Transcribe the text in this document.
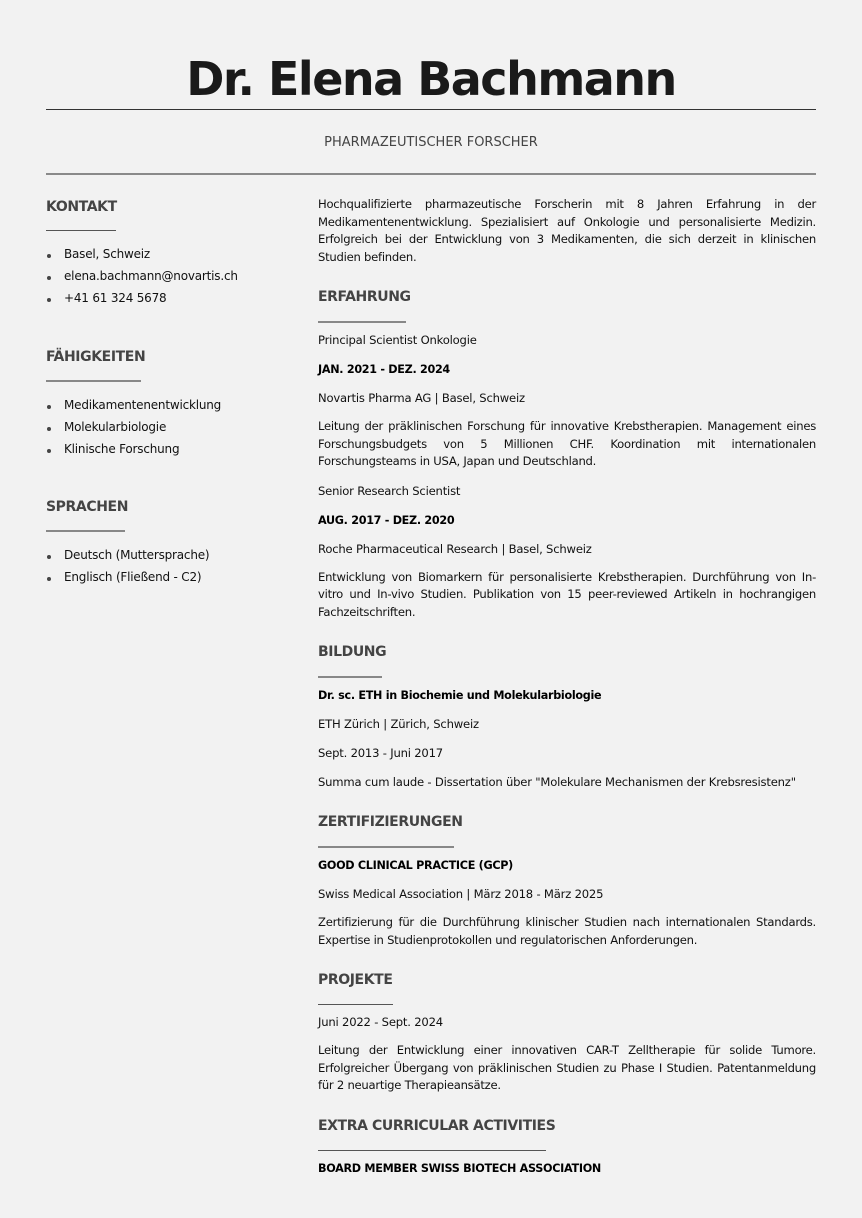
Dr. Elena Bachmann
PHARMAZEUTISCHER FORSCHER
KONTAKT
Basel, Schweiz
elena.bachmann@novartis.ch
+41 61 324 5678
FÄHIGKEITEN
Medikamentenentwicklung
Molekularbiologie
Klinische Forschung
SPRACHEN
Deutsch (Muttersprache)
Englisch (Fließend - C2)

Hochqualifizierte pharmazeutische Forscherin mit 8 Jahren Erfahrung in der Medikamentenentwicklung. Spezialisiert auf Onkologie und personalisierte Medizin. Erfolgreich bei der Entwicklung von 3 Medikamenten, die sich derzeit in klinischen Studien befinden.

ERFAHRUNG
Principal Scientist Onkologie
JAN. 2021 - DEZ. 2024
Novartis Pharma AG | Basel, Schweiz

Leitung der präklinischen Forschung für innovative Krebstherapien. Management eines Forschungsbudgets von 5 Millionen CHF. Koordination mit internationalen Forschungsteams in USA, Japan und Deutschland.

Senior Research Scientist
AUG. 2017 - DEZ. 2020
Roche Pharmaceutical Research | Basel, Schweiz

Entwicklung von Biomarkern für personalisierte Krebstherapien. Durchführung von In-vitro und In-vivo Studien. Publikation von 15 peer-reviewed Artikeln in hochrangigen Fachzeitschriften.

BILDUNG
Dr. sc. ETH in Biochemie und Molekularbiologie
ETH Zürich | Zürich, Schweiz
Sept. 2013 - Juni 2017
Summa cum laude - Dissertation über "Molekulare Mechanismen der Krebsresistenz"
ZERTIFIZIERUNGEN
GOOD CLINICAL PRACTICE (GCP)
Swiss Medical Association | März 2018 - März 2025

Zertifizierung für die Durchführung klinischer Studien nach internationalen Standards. Expertise in Studienprotokollen und regulatorischen Anforderungen.

PROJEKTE
Juni 2022 - Sept. 2024

Leitung der Entwicklung einer innovativen CAR-T Zelltherapie für solide Tumore. Erfolgreicher Übergang von präklinischen Studien zu Phase I Studien. Patentanmeldung für 2 neuartige Therapieansätze.

EXTRA CURRICULAR ACTIVITIES
BOARD MEMBER SWISS BIOTECH ASSOCIATION
